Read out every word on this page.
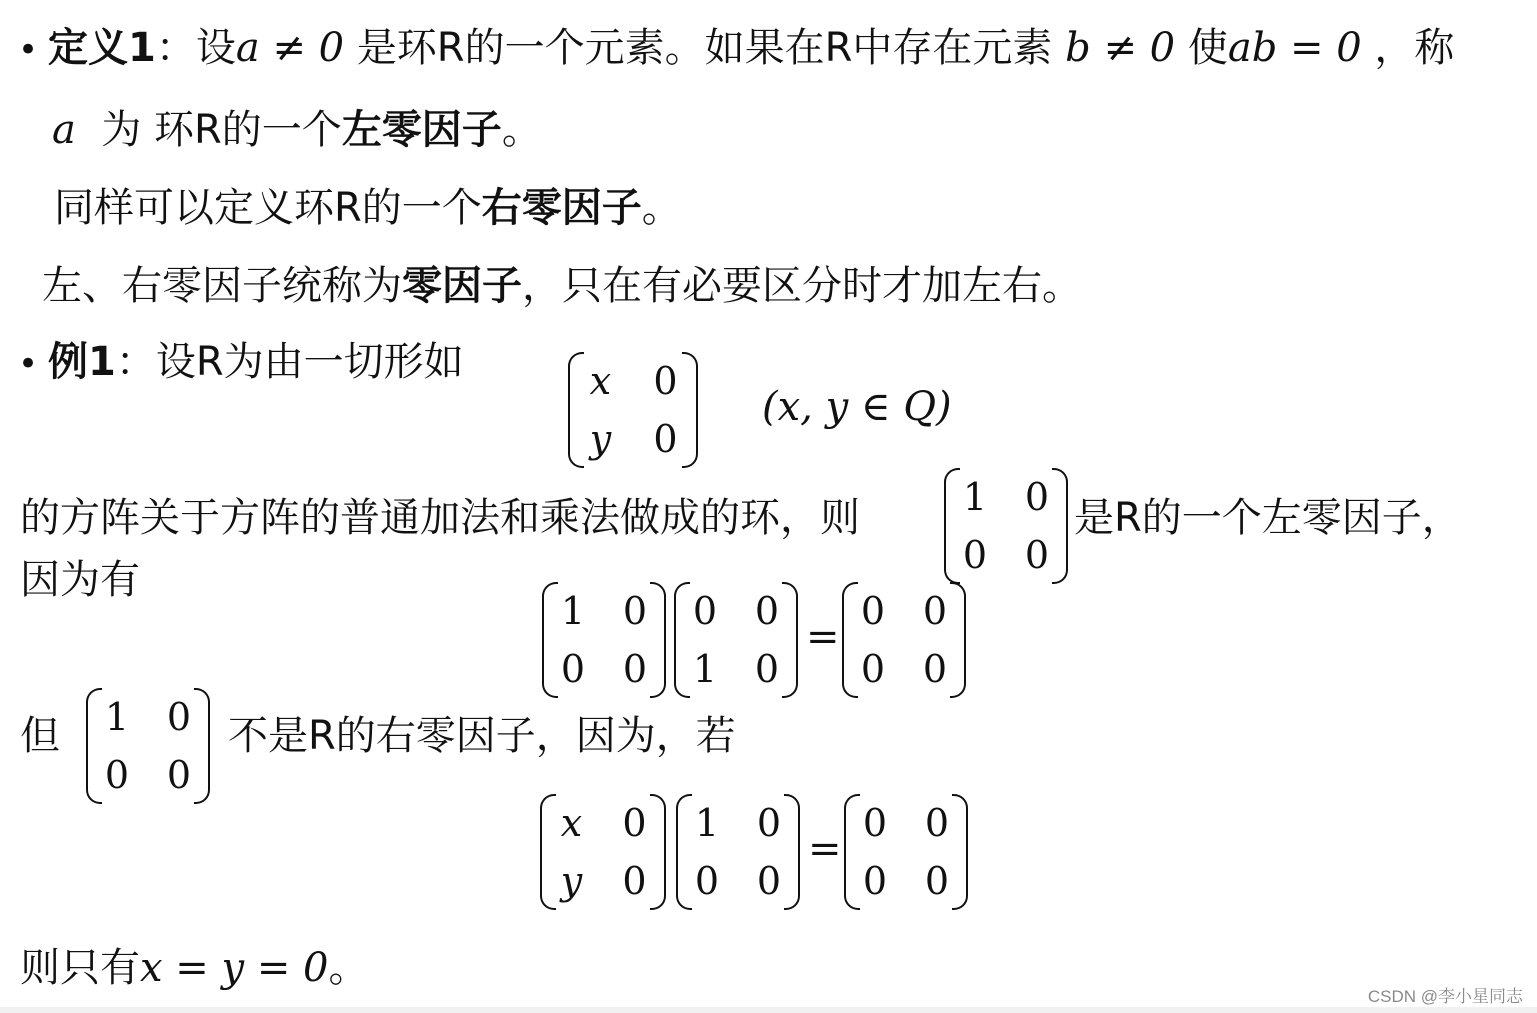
• 定义1：设a ≠ 0 是环R的一个元素。如果在R中存在元素 b ≠ 0 使ab = 0 ，称
a 为 环R的一个左零因子。
同样可以定义环R的一个右零因子。
左、右零因子统称为零因子，只在有必要区分时才加左右。
• 例1：设R为由一切形如	x 0
y 0
(x, y ∈ Q)
的方阵关于方阵的普通加法和乘法做成的环，则	1 0
0 0
是R的一个左零因子，
因为有
1 0
0 0
0 0
1 0
=
0 0
0 0
但 1 0
0 0
不是R的右零因子，因为，若
x 0
y 0
1 0
0 0
=
0 0
0 0
则只有x = y = 0。
CSDN @李小星同志
